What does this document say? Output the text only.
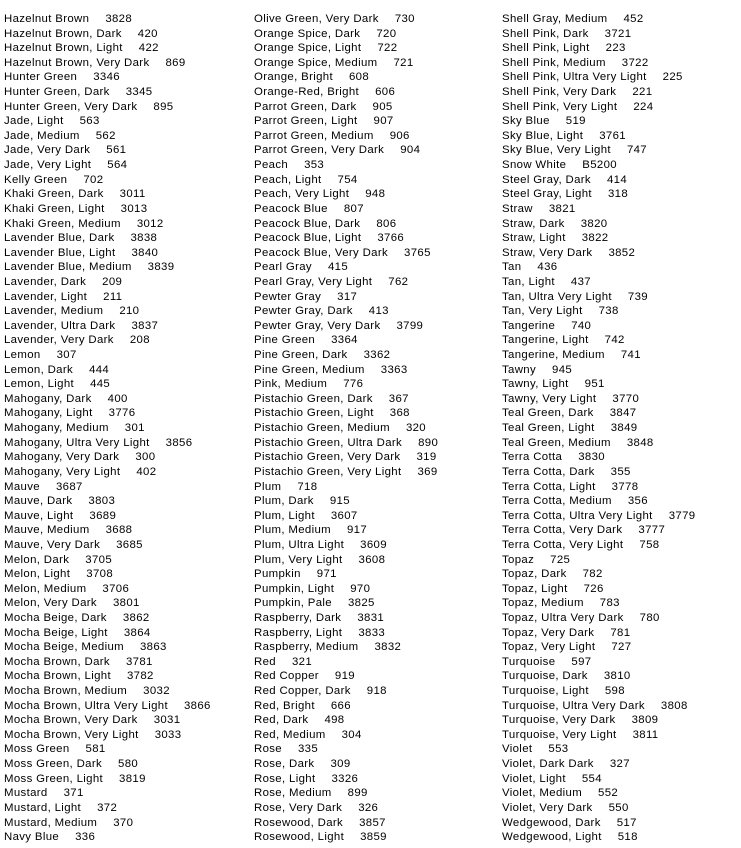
Hazelnut Brown 3828
Hazelnut Brown, Dark 420
Hazelnut Brown, Light 422
Hazelnut Brown, Very Dark 869
Hunter Green 3346
Hunter Green, Dark 3345
Hunter Green, Very Dark 895
Jade, Light 563
Jade, Medium 562
Jade, Very Dark 561
Jade, Very Light 564
Kelly Green 702
Khaki Green, Dark 3011
Khaki Green, Light 3013
Khaki Green, Medium 3012
Lavender Blue, Dark 3838
Lavender Blue, Light 3840
Lavender Blue, Medium 3839
Lavender, Dark 209
Lavender, Light 211
Lavender, Medium 210
Lavender, Ultra Dark 3837
Lavender, Very Dark 208
Lemon 307
Lemon, Dark 444
Lemon, Light 445
Mahogany, Dark 400
Mahogany, Light 3776
Mahogany, Medium 301
Mahogany, Ultra Very Light 3856
Mahogany, Very Dark 300
Mahogany, Very Light 402
Mauve 3687
Mauve, Dark 3803
Mauve, Light 3689
Mauve, Medium 3688
Mauve, Very Dark 3685
Melon, Dark 3705
Melon, Light 3708
Melon, Medium 3706
Melon, Very Dark 3801
Mocha Beige, Dark 3862
Mocha Beige, Light 3864
Mocha Beige, Medium 3863
Mocha Brown, Dark 3781
Mocha Brown, Light 3782
Mocha Brown, Medium 3032
Mocha Brown, Ultra Very Light 3866
Mocha Brown, Very Dark 3031
Mocha Brown, Very Light 3033
Moss Green 581
Moss Green, Dark 580
Moss Green, Light 3819
Mustard 371
Mustard, Light 372
Mustard, Medium 370
Navy Blue 336
Olive Green, Very Dark 730
Orange Spice, Dark 720
Orange Spice, Light 722
Orange Spice, Medium 721
Orange, Bright 608
Orange-Red, Bright 606
Parrot Green, Dark 905
Parrot Green, Light 907
Parrot Green, Medium 906
Parrot Green, Very Dark 904
Peach 353
Peach, Light 754
Peach, Very Light 948
Peacock Blue 807
Peacock Blue, Dark 806
Peacock Blue, Light 3766
Peacock Blue, Very Dark 3765
Pearl Gray 415
Pearl Gray, Very Light 762
Pewter Gray 317
Pewter Gray, Dark 413
Pewter Gray, Very Dark 3799
Pine Green 3364
Pine Green, Dark 3362
Pine Green, Medium 3363
Pink, Medium 776
Pistachio Green, Dark 367
Pistachio Green, Light 368
Pistachio Green, Medium 320
Pistachio Green, Ultra Dark 890
Pistachio Green, Very Dark 319
Pistachio Green, Very Light 369
Plum 718
Plum, Dark 915
Plum, Light 3607
Plum, Medium 917
Plum, Ultra Light 3609
Plum, Very Light 3608
Pumpkin 971
Pumpkin, Light 970
Pumpkin, Pale 3825
Raspberry, Dark 3831
Raspberry, Light 3833
Raspberry, Medium 3832
Red 321
Red Copper 919
Red Copper, Dark 918
Red, Bright 666
Red, Dark 498
Red, Medium 304
Rose 335
Rose, Dark 309
Rose, Light 3326
Rose, Medium 899
Rose, Very Dark 326
Rosewood, Dark 3857
Rosewood, Light 3859
Shell Gray, Medium 452
Shell Pink, Dark 3721
Shell Pink, Light 223
Shell Pink, Medium 3722
Shell Pink, Ultra Very Light 225
Shell Pink, Very Dark 221
Shell Pink, Very Light 224
Sky Blue 519
Sky Blue, Light 3761
Sky Blue, Very Light 747
Snow White B5200
Steel Gray, Dark 414
Steel Gray, Light 318
Straw 3821
Straw, Dark 3820
Straw, Light 3822
Straw, Very Dark 3852
Tan 436
Tan, Light 437
Tan, Ultra Very Light 739
Tan, Very Light 738
Tangerine 740
Tangerine, Light 742
Tangerine, Medium 741
Tawny 945
Tawny, Light 951
Tawny, Very Light 3770
Teal Green, Dark 3847
Teal Green, Light 3849
Teal Green, Medium 3848
Terra Cotta 3830
Terra Cotta, Dark 355
Terra Cotta, Light 3778
Terra Cotta, Medium 356
Terra Cotta, Ultra Very Light 3779
Terra Cotta, Very Dark 3777
Terra Cotta, Very Light 758
Topaz 725
Topaz, Dark 782
Topaz, Light 726
Topaz, Medium 783
Topaz, Ultra Very Dark 780
Topaz, Very Dark 781
Topaz, Very Light 727
Turquoise 597
Turquoise, Dark 3810
Turquoise, Light 598
Turquoise, Ultra Very Dark 3808
Turquoise, Very Dark 3809
Turquoise, Very Light 3811
Violet 553
Violet, Dark Dark 327
Violet, Light 554
Violet, Medium 552
Violet, Very Dark 550
Wedgewood, Dark 517
Wedgewood, Light 518
